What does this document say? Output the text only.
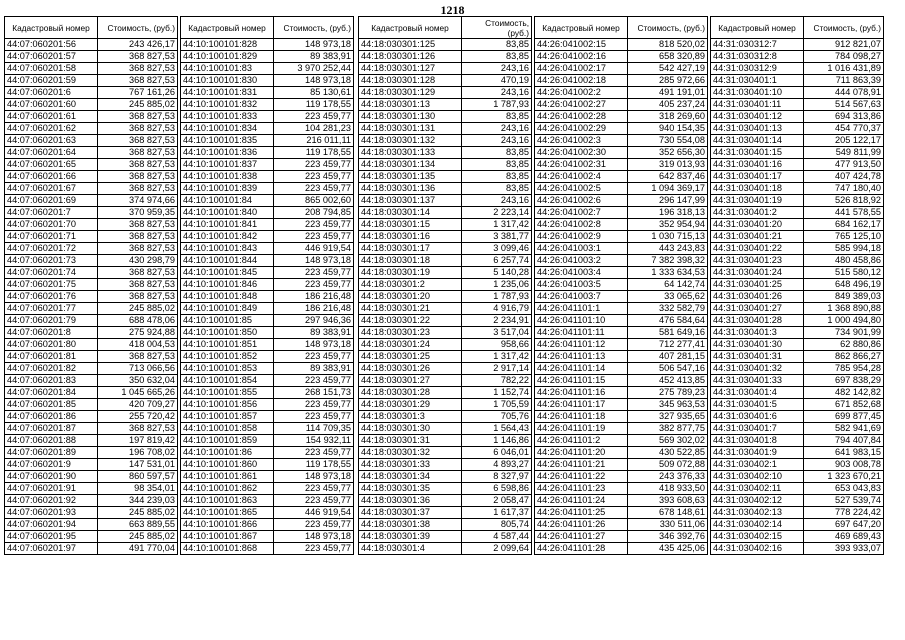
1218
Кадастровый номер	Стоимость, (руб.)
44:07:060201:56	243 426,17
44:07:060201:57	368 827,53
44:07:060201:58	368 827,53
44:07:060201:59	368 827,53
44:07:060201:6	767 161,26
44:07:060201:60	245 885,02
44:07:060201:61	368 827,53
44:07:060201:62	368 827,53
44:07:060201:63	368 827,53
44:07:060201:64	368 827,53
44:07:060201:65	368 827,53
44:07:060201:66	368 827,53
44:07:060201:67	368 827,53
44:07:060201:69	374 974,66
44:07:060201:7	370 959,35
44:07:060201:70	368 827,53
44:07:060201:71	368 827,53
44:07:060201:72	368 827,53
44:07:060201:73	430 298,79
44:07:060201:74	368 827,53
44:07:060201:75	368 827,53
44:07:060201:76	368 827,53
44:07:060201:77	245 885,02
44:07:060201:79	688 478,06
44:07:060201:8	275 924,88
44:07:060201:80	418 004,53
44:07:060201:81	368 827,53
44:07:060201:82	713 066,56
44:07:060201:83	350 632,04
44:07:060201:84	1 045 665,26
44:07:060201:85	420 709,27
44:07:060201:86	255 720,42
44:07:060201:87	368 827,53
44:07:060201:88	197 819,42
44:07:060201:89	196 708,02
44:07:060201:9	147 531,01
44:07:060201:90	860 597,57
44:07:060201:91	98 354,01
44:07:060201:92	344 239,03
44:07:060201:93	245 885,02
44:07:060201:94	663 889,55
44:07:060201:95	245 885,02
44:07:060201:97	491 770,04
Кадастровый номер	Стоимость, (руб.)
44:10:100101:828	148 973,18
44:10:100101:829	89 383,91
44:10:100101:83	3 970 252,44
44:10:100101:830	148 973,18
44:10:100101:831	85 130,61
44:10:100101:832	119 178,55
44:10:100101:833	223 459,77
44:10:100101:834	104 281,23
44:10:100101:835	216 011,11
44:10:100101:836	119 178,55
44:10:100101:837	223 459,77
44:10:100101:838	223 459,77
44:10:100101:839	223 459,77
44:10:100101:84	865 002,60
44:10:100101:840	208 794,85
44:10:100101:841	223 459,77
44:10:100101:842	223 459,77
44:10:100101:843	446 919,54
44:10:100101:844	148 973,18
44:10:100101:845	223 459,77
44:10:100101:846	223 459,77
44:10:100101:848	186 216,48
44:10:100101:849	186 216,48
44:10:100101:85	297 946,36
44:10:100101:850	89 383,91
44:10:100101:851	148 973,18
44:10:100101:852	223 459,77
44:10:100101:853	89 383,91
44:10:100101:854	223 459,77
44:10:100101:855	268 151,73
44:10:100101:856	223 459,77
44:10:100101:857	223 459,77
44:10:100101:858	114 709,35
44:10:100101:859	154 932,11
44:10:100101:86	223 459,77
44:10:100101:860	119 178,55
44:10:100101:861	148 973,18
44:10:100101:862	223 459,77
44:10:100101:863	223 459,77
44:10:100101:865	446 919,54
44:10:100101:866	223 459,77
44:10:100101:867	148 973,18
44:10:100101:868	223 459,77
Кадастровый номер	Стоимость, (руб.)
44:18:030301:125	83,85
44:18:030301:126	83,85
44:18:030301:127	243,16
44:18:030301:128	470,19
44:18:030301:129	243,16
44:18:030301:13	1 787,93
44:18:030301:130	83,85
44:18:030301:131	243,16
44:18:030301:132	243,16
44:18:030301:133	83,85
44:18:030301:134	83,85
44:18:030301:135	83,85
44:18:030301:136	83,85
44:18:030301:137	243,16
44:18:030301:14	2 223,14
44:18:030301:15	1 317,42
44:18:030301:16	3 381,77
44:18:030301:17	3 099,46
44:18:030301:18	6 257,74
44:18:030301:19	5 140,28
44:18:030301:2	1 235,06
44:18:030301:20	1 787,93
44:18:030301:21	4 916,79
44:18:030301:22	2 234,91
44:18:030301:23	3 517,04
44:18:030301:24	958,66
44:18:030301:25	1 317,42
44:18:030301:26	2 917,14
44:18:030301:27	782,22
44:18:030301:28	1 152,74
44:18:030301:29	1 705,59
44:18:030301:3	705,76
44:18:030301:30	1 564,43
44:18:030301:31	1 146,86
44:18:030301:32	6 046,01
44:18:030301:33	4 893,27
44:18:030301:34	8 327,97
44:18:030301:35	6 598,86
44:18:030301:36	2 058,47
44:18:030301:37	1 617,37
44:18:030301:38	805,74
44:18:030301:39	4 587,44
44:18:030301:4	2 099,64
Кадастровый номер	Стоимость, (руб.)
44:26:041002:15	818 520,02
44:26:041002:16	658 320,89
44:26:041002:17	542 427,19
44:26:041002:18	285 972,66
44:26:041002:2	491 191,01
44:26:041002:27	405 237,24
44:26:041002:28	318 269,60
44:26:041002:29	940 154,35
44:26:041002:3	730 554,08
44:26:041002:30	352 656,30
44:26:041002:31	319 013,93
44:26:041002:4	642 837,46
44:26:041002:5	1 094 369,17
44:26:041002:6	296 147,99
44:26:041002:7	196 318,13
44:26:041002:8	352 954,94
44:26:041002:9	1 030 715,13
44:26:041003:1	443 243,83
44:26:041003:2	7 382 398,32
44:26:041003:4	1 333 634,53
44:26:041003:5	64 142,74
44:26:041003:7	33 065,62
44:26:041101:1	332 582,79
44:26:041101:10	476 584,64
44:26:041101:11	581 649,16
44:26:041101:12	712 277,41
44:26:041101:13	407 281,15
44:26:041101:14	506 547,16
44:26:041101:15	452 413,85
44:26:041101:16	275 789,23
44:26:041101:17	345 963,53
44:26:041101:18	327 935,65
44:26:041101:19	382 877,75
44:26:041101:2	569 302,02
44:26:041101:20	430 522,85
44:26:041101:21	509 072,88
44:26:041101:22	243 376,33
44:26:041101:23	418 933,50
44:26:041101:24	393 608,63
44:26:041101:25	678 148,61
44:26:041101:26	330 511,06
44:26:041101:27	346 392,76
44:26:041101:28	435 425,06
Кадастровый номер	Стоимость, (руб.)
44:31:030312:7	912 821,07
44:31:030312:8	784 098,27
44:31:030312:9	1 016 431,89
44:31:030401:1	711 863,39
44:31:030401:10	444 078,91
44:31:030401:11	514 567,63
44:31:030401:12	694 313,86
44:31:030401:13	454 770,37
44:31:030401:14	205 122,17
44:31:030401:15	549 811,99
44:31:030401:16	477 913,50
44:31:030401:17	407 424,78
44:31:030401:18	747 180,40
44:31:030401:19	526 818,92
44:31:030401:2	441 578,55
44:31:030401:20	684 162,17
44:31:030401:21	765 125,10
44:31:030401:22	585 994,18
44:31:030401:23	480 458,86
44:31:030401:24	515 580,12
44:31:030401:25	648 496,19
44:31:030401:26	849 389,03
44:31:030401:27	1 368 890,88
44:31:030401:28	1 000 494,80
44:31:030401:3	734 901,99
44:31:030401:30	62 880,86
44:31:030401:31	862 866,27
44:31:030401:32	785 954,28
44:31:030401:33	697 838,29
44:31:030401:4	482 142,82
44:31:030401:5	671 852,68
44:31:030401:6	699 877,45
44:31:030401:7	582 941,69
44:31:030401:8	794 407,84
44:31:030401:9	641 983,15
44:31:030402:1	903 008,78
44:31:030402:10	1 323 670,21
44:31:030402:11	653 043,83
44:31:030402:12	527 539,74
44:31:030402:13	778 224,42
44:31:030402:14	697 647,20
44:31:030402:15	469 689,43
44:31:030402:16	393 933,07
